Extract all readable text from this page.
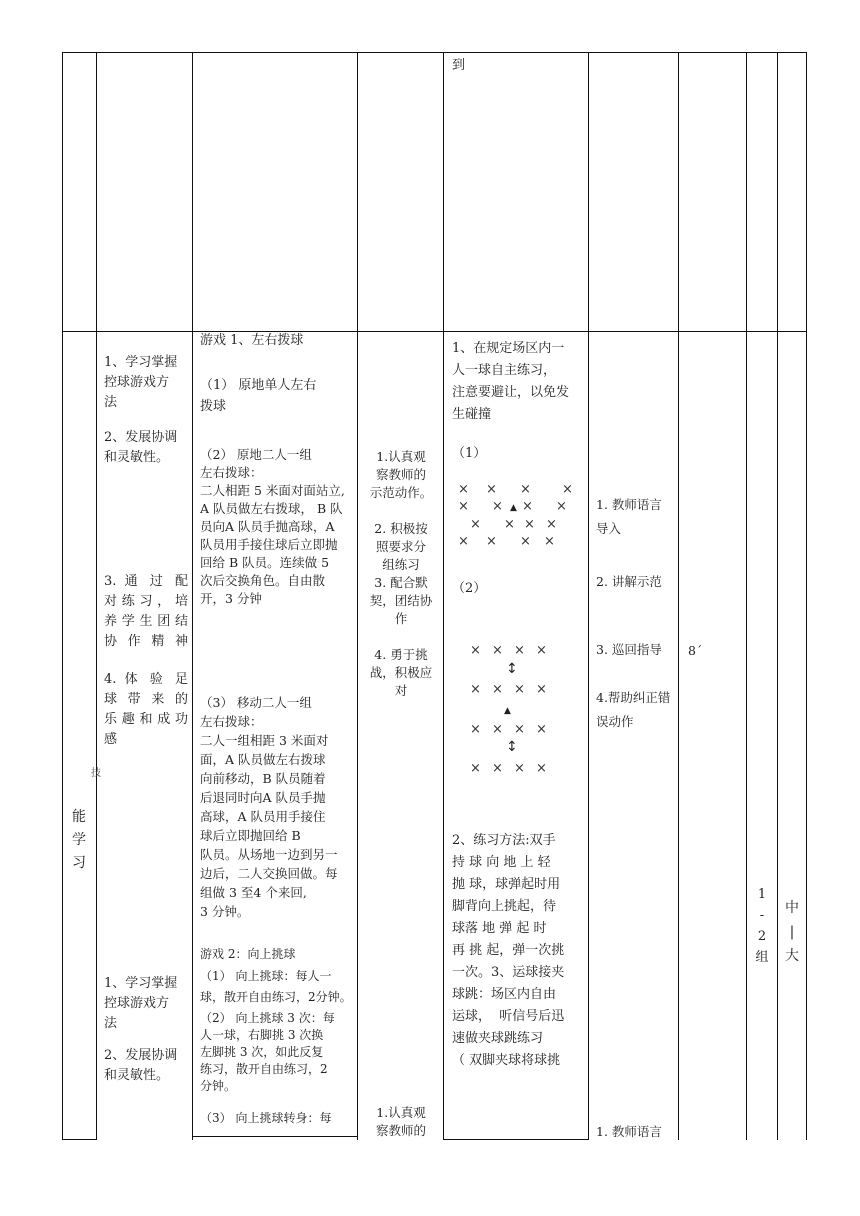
到
能
学
习
技
1、学习掌握
控球游戏方
法
2、发展协调
和灵敏性。
3. 通 过 配
对练习，培
养学生团结
协作精神
4. 体 验 足
球 带 来 的
乐趣和成功
感
1、学习掌握
控球游戏方
法
2、发展协调
和灵敏性。
游戏 1、左右拨球
（1） 原地单人左右
拨球
（2） 原地二人一组
左右拨球：
二人相距 5 米面对面站立,
A 队员做左右拨球， B 队
员向A 队员手抛高球，A
队员用手接住球后立即抛
回给 B 队员。连续做 5
次后交换角色。自由散
开，3 分钟
（3） 移动二人一组
左右拨球：
二人一组相距 3 米面对
面，A 队员做左右拨球
向前移动，B 队员随着
后退同时向A 队员手抛
高球，A 队员用手接住
球后立即抛回给 B
队员。从场地一边到另一
边后，二人交换回做。每
组做 3 至4 个来回,
3 分钟。
游戏 2：向上挑球
（1） 向上挑球：每人一
球，散开自由练习，2分钟。
（2） 向上挑球 3 次：每
人一球，右脚挑 3 次换
左脚挑 3 次，如此反复
练习，散开自由练习，2
分钟。
（3） 向上挑球转身：每
1.认真观
察教师的
示范动作。

2. 积极按
照要求分
组练习
3. 配合默
契，团结协
作

4. 勇于挑
战，积极应
对
1.认真观
察教师的
1、在规定场区内一
人一球自主练习，
注意要避让，以免发
生碰撞
（1）
× × × ×
× × ▲ × ×
× × × ×
× × × ×
（2）
× × × ×
↕
× × × ×
▲
× × × ×
↕
× × × ×
2、练习方法:双手
持 球 向 地 上 轻
抛 球，球弹起时用
脚背向上挑起，待
球落 地 弹 起 时
再 挑 起，弹一次挑
一次。3、运球接夹
球跳：场区内自由
运球，  听信号后迅
速做夹球跳练习
（ 双脚夹球将球挑
1. 教师语言
导入
2. 讲解示范
3. 巡回指导
4.帮助纠正错
误动作
1. 教师语言
8´
1
-
2
组
中
|
大
